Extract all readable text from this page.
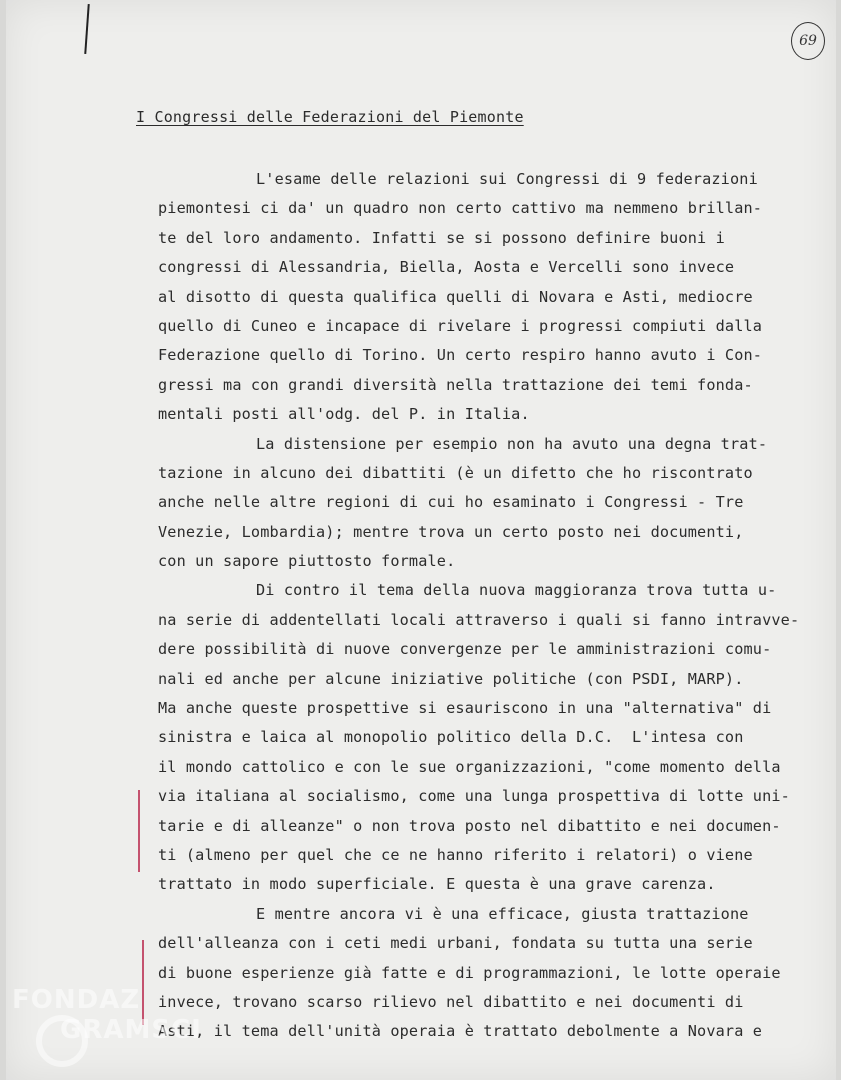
69
I Congressi delle Federazioni del Piemonte
L'esame delle relazioni sui Congressi di 9 federazioni
piemontesi ci da' un quadro non certo cattivo ma nemmeno brillan-
te del loro andamento. Infatti se si possono definire buoni i
congressi di Alessandria, Biella, Aosta e Vercelli sono invece
al disotto di questa qualifica quelli di Novara e Asti, mediocre
quello di Cuneo e incapace di rivelare i progressi compiuti dalla
Federazione quello di Torino. Un certo respiro hanno avuto i Con-
gressi ma con grandi diversità nella trattazione dei temi fonda-
mentali posti all'odg. del P. in Italia.
La distensione per esempio non ha avuto una degna trat-
tazione in alcuno dei dibattiti (è un difetto che ho riscontrato
anche nelle altre regioni di cui ho esaminato i Congressi - Tre
Venezie, Lombardia); mentre trova un certo posto nei documenti,
con un sapore piuttosto formale.
Di contro il tema della nuova maggioranza trova tutta u-
na serie di addentellati locali attraverso i quali si fanno intravve-
dere possibilità di nuove convergenze per le amministrazioni comu-
nali ed anche per alcune iniziative politiche (con PSDI, MARP).
Ma anche queste prospettive si esauriscono in una "alternativa" di
sinistra e laica al monopolio politico della D.C.  L'intesa con
il mondo cattolico e con le sue organizzazioni, "come momento della
via italiana al socialismo, come una lunga prospettiva di lotte uni-
tarie e di alleanze" o non trova posto nel dibattito e nei documen-
ti (almeno per quel che ce ne hanno riferito i relatori) o viene
trattato in modo superficiale. E questa è una grave carenza.
E mentre ancora vi è una efficace, giusta trattazione
dell'alleanza con i ceti medi urbani, fondata su tutta una serie
di buone esperienze già fatte e di programmazioni, le lotte operaie
invece, trovano scarso rilievo nel dibattito e nei documenti di
Asti, il tema dell'unità operaia è trattato debolmente a Novara e
FONDAZ
GRAMSCI
